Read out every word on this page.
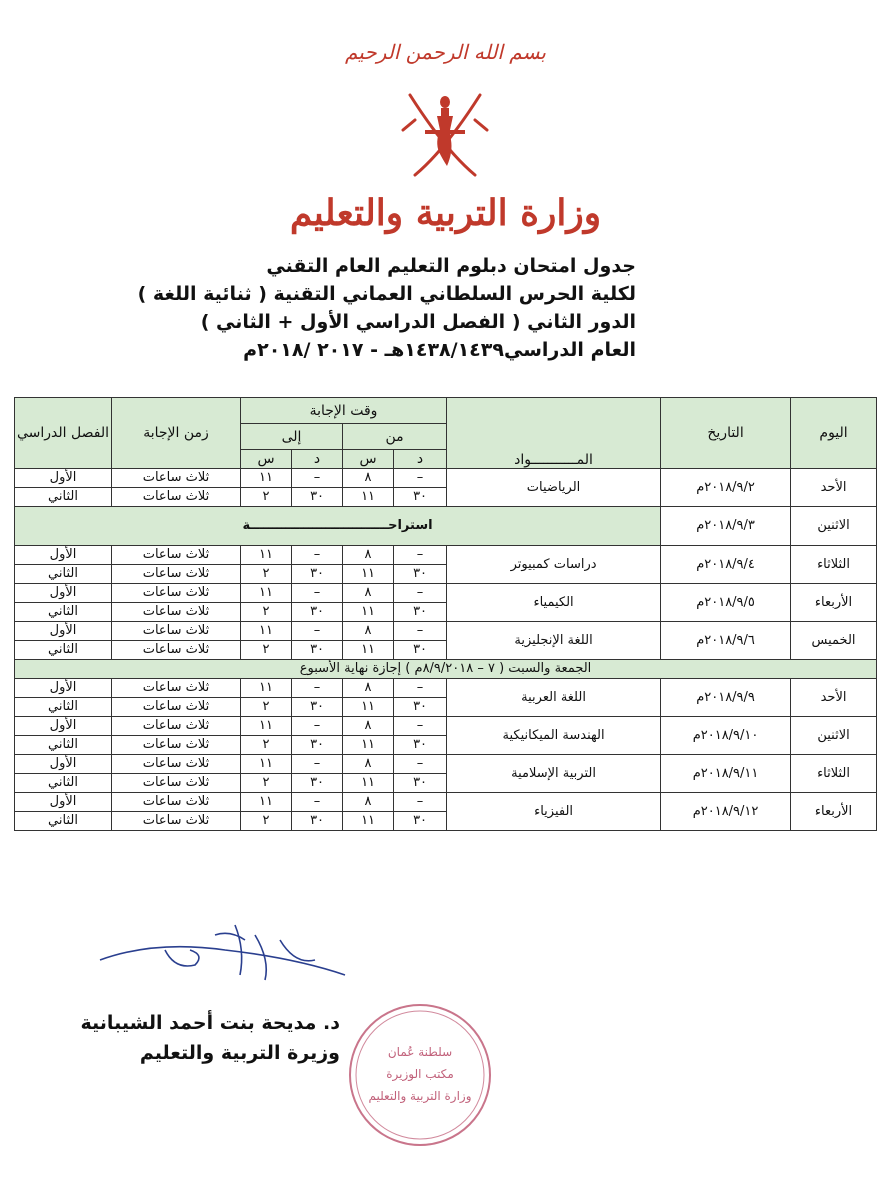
بسم الله الرحمن الرحيم
وزارة التربية والتعليم
جدول امتحان دبلوم التعليم العام التقني
لكلية الحرس السلطاني العماني التقنية ( ثنائية اللغة )
الدور الثاني ( الفصل الدراسي الأول + الثاني )
العام الدراسي١٤٣٨/١٤٣٩هـ - ٢٠١٧ /٢٠١٨م
اليوم	التاريخ	المـــــــــــواد	وقت الإجابة				زمن الإجابة	الفصل الدراسي
			من		إلى			
			د	س	د	س		
الأحد	٢٠١٨/٩/٢م	الرياضيات	–	٨	–	١١	ثلاث ساعات	الأول
			٣٠	١١	٣٠	٢	ثلاث ساعات	الثاني
الاثنين	٢٠١٨/٩/٣م	استراحـــــــــــــــــــــــــــــــة						
الثلاثاء	٢٠١٨/٩/٤م	دراسات كمبيوتر	–	٨	–	١١	ثلاث ساعات	الأول
			٣٠	١١	٣٠	٢	ثلاث ساعات	الثاني
الأربعاء	٢٠١٨/٩/٥م	الكيمياء	–	٨	–	١١	ثلاث ساعات	الأول
			٣٠	١١	٣٠	٢	ثلاث ساعات	الثاني
الخميس	٢٠١٨/٩/٦م	اللغة الإنجليزية	–	٨	–	١١	ثلاث ساعات	الأول
			٣٠	١١	٣٠	٢	ثلاث ساعات	الثاني
الجمعة والسبت ( ٧ – ٨/٩/٢٠١٨م ) إجازة نهاية الأسبوع								
الأحد	٢٠١٨/٩/٩م	اللغة العربية	–	٨	–	١١	ثلاث ساعات	الأول
			٣٠	١١	٣٠	٢	ثلاث ساعات	الثاني
الاثنين	٢٠١٨/٩/١٠م	الهندسة الميكانيكية	–	٨	–	١١	ثلاث ساعات	الأول
			٣٠	١١	٣٠	٢	ثلاث ساعات	الثاني
الثلاثاء	٢٠١٨/٩/١١م	التربية الإسلامية	–	٨	–	١١	ثلاث ساعات	الأول
			٣٠	١١	٣٠	٢	ثلاث ساعات	الثاني
الأربعاء	٢٠١٨/٩/١٢م	الفيزياء	–	٨	–	١١	ثلاث ساعات	الأول
			٣٠	١١	٣٠	٢	ثلاث ساعات	الثاني
د. مديحة بنت أحمد الشيبانية
وزيرة التربية والتعليم	سلطنة عُمان
مكتب الوزيرة
وزارة التربية والتعليم
